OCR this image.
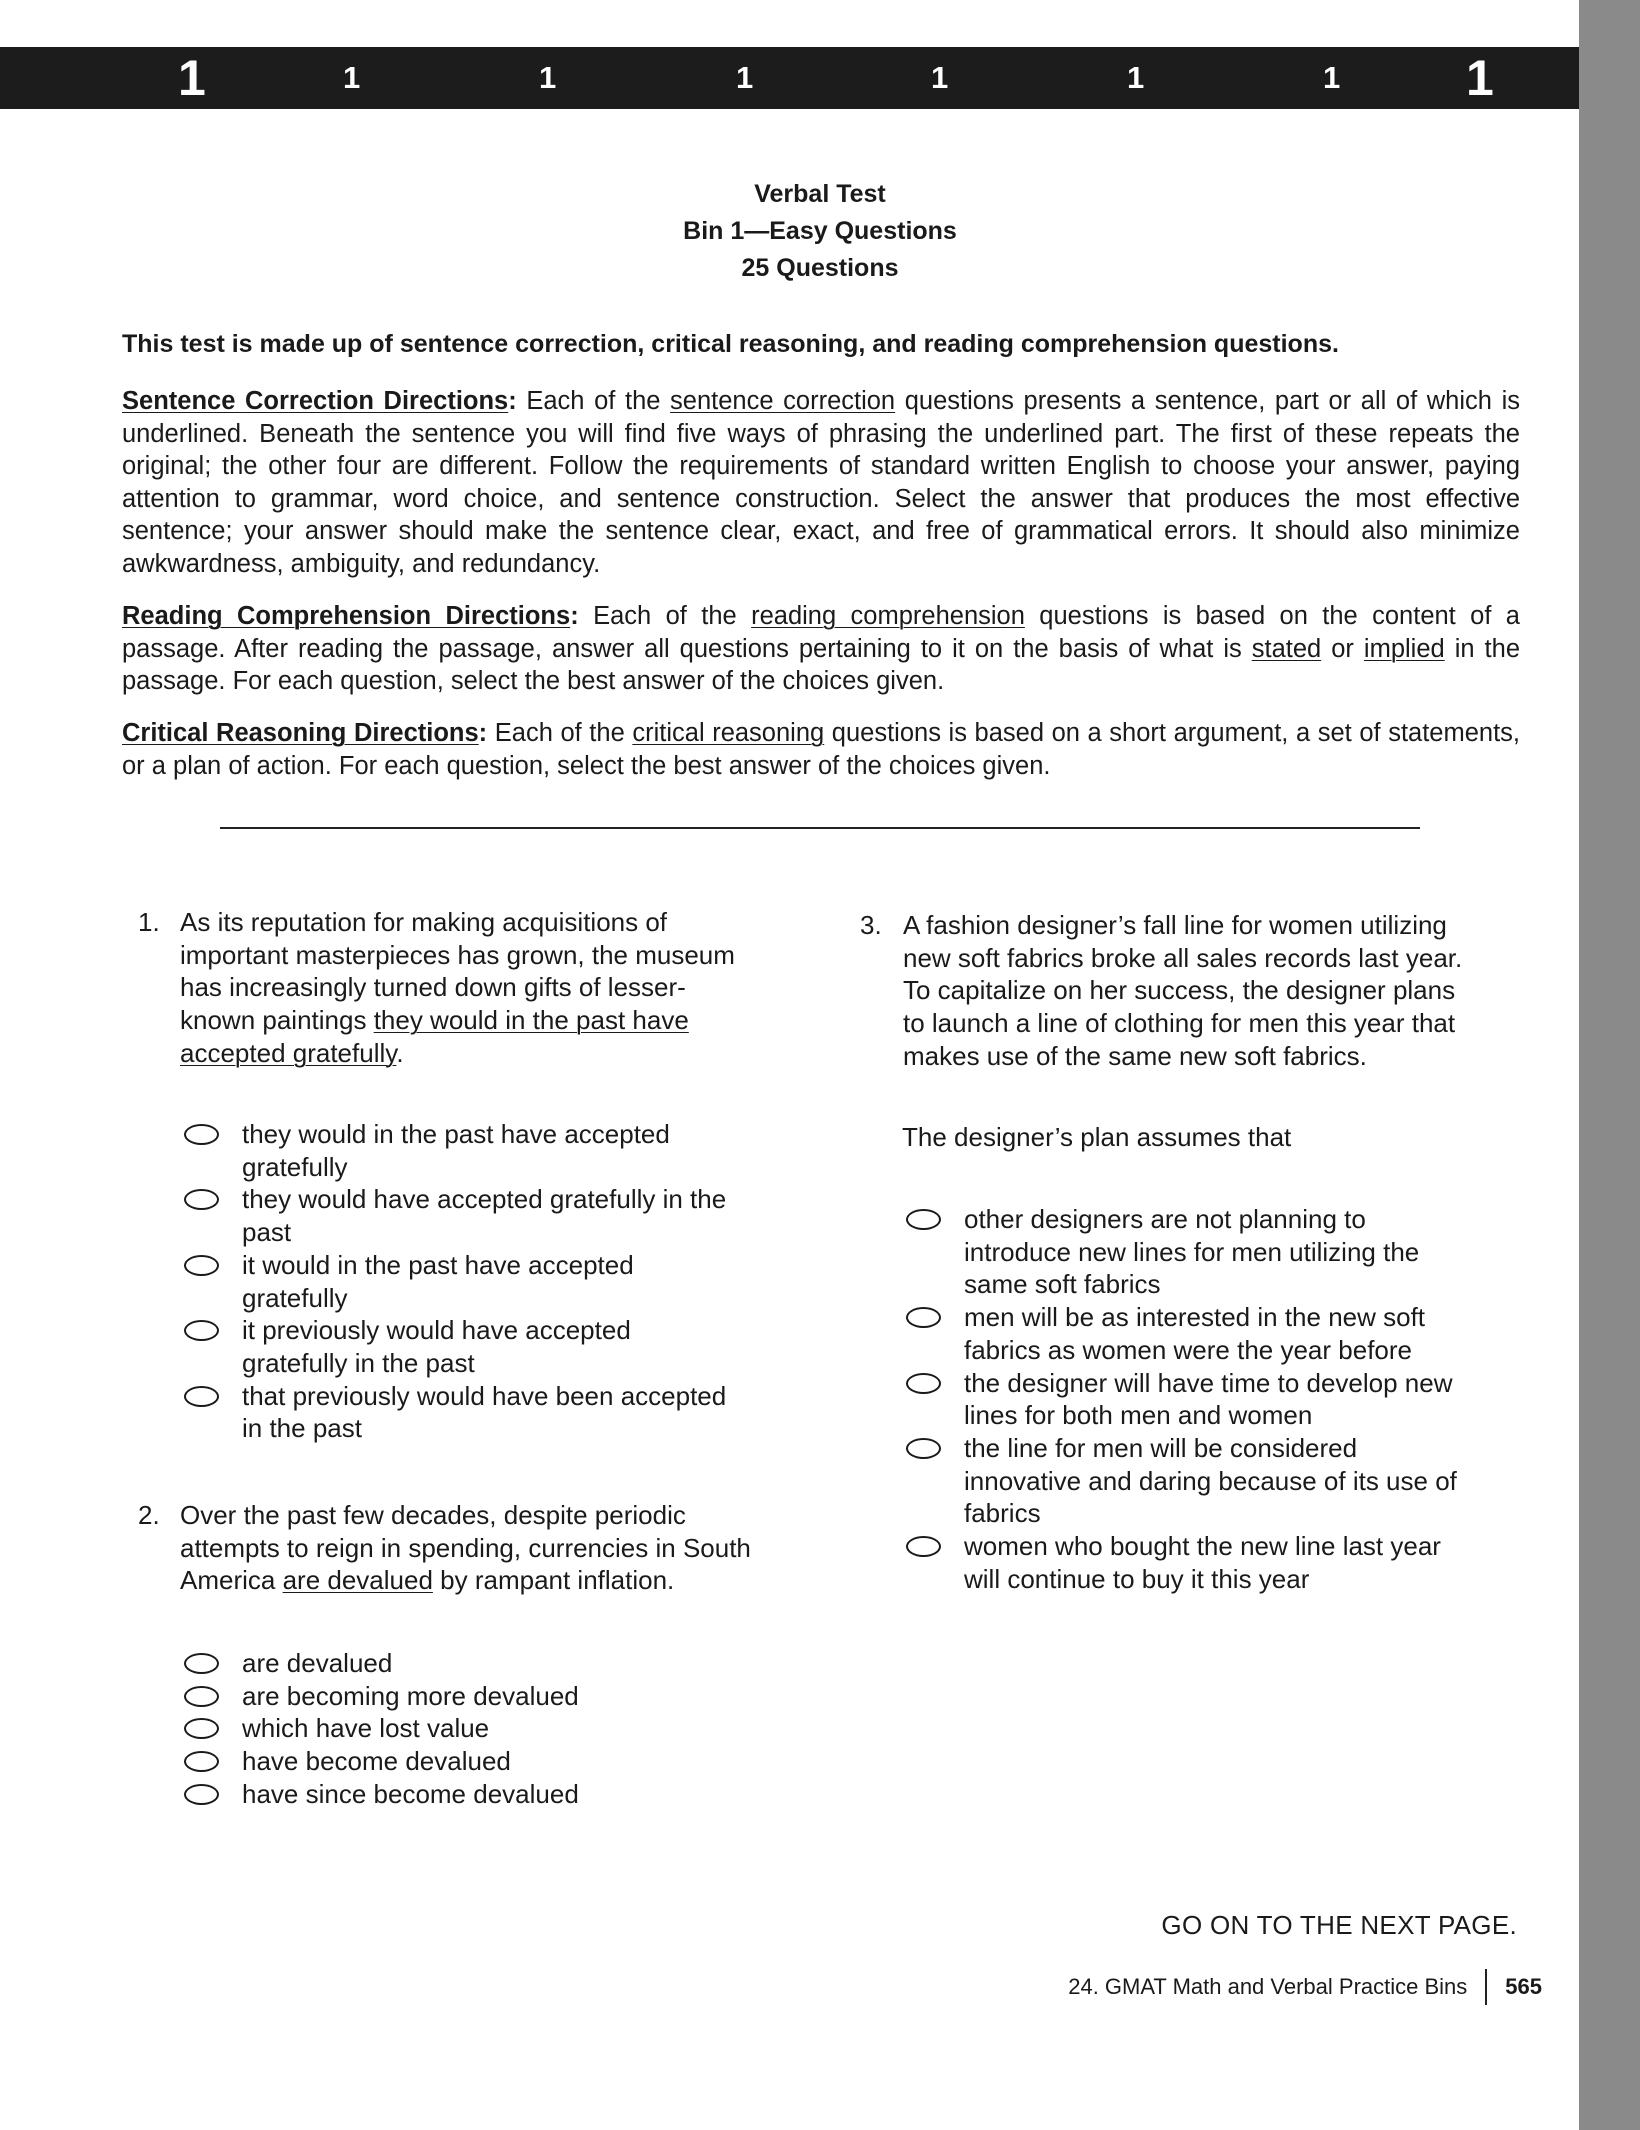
1	1	1	1	1	1	1	1
Verbal Test
Bin 1—Easy Questions
25 Questions
This test is made up of sentence correction, critical reasoning, and reading comprehension questions.

Sentence Correction Directions: Each of the sentence correction questions presents a sentence, part or all of which is underlined. Beneath the sentence you will find five ways of phrasing the underlined part. The first of these repeats the original; the other four are different. Follow the requirements of standard written English to choose your answer, paying attention to grammar, word choice, and sentence construction. Select the answer that produces the most effective sentence; your answer should make the sentence clear, exact, and free of grammatical errors. It should also minimize awkwardness, ambiguity, and redundancy.

Reading Comprehension Directions: Each of the reading comprehension questions is based on the content of a passage. After reading the passage, answer all questions pertaining to it on the basis of what is stated or implied in the passage. For each question, select the best answer of the choices given.

Critical Reasoning Directions: Each of the critical reasoning questions is based on a short argument, a set of statements, or a plan of action. For each question, select the best answer of the choices given.

1. As its reputation for making acquisitions of
important masterpieces has grown, the museum
has increasingly turned down gifts of lesser-
known paintings they would in the past have
accepted gratefully.
they would in the past have accepted gratefully
they would have accepted gratefully in the past
it would in the past have accepted gratefully
it previously would have accepted gratefully in the past
that previously would have been accepted in the past
2. Over the past few decades, despite periodic
attempts to reign in spending, currencies in South
America are devalued by rampant inflation.
are devalued
are becoming more devalued
which have lost value
have become devalued
have since become devalued
3. A fashion designer’s fall line for women utilizing
new soft fabrics broke all sales records last year.
To capitalize on her success, the designer plans
to launch a line of clothing for men this year that
makes use of the same new soft fabrics.
The designer’s plan assumes that
other designers are not planning to introduce new lines for men utilizing the same soft fabrics
men will be as interested in the new soft fabrics as women were the year before
the designer will have time to develop new lines for both men and women
the line for men will be considered innovative and daring because of its use of fabrics
women who bought the new line last year will continue to buy it this year
GO ON TO THE NEXT PAGE.
24. GMAT Math and Verbal Practice Bins 565
